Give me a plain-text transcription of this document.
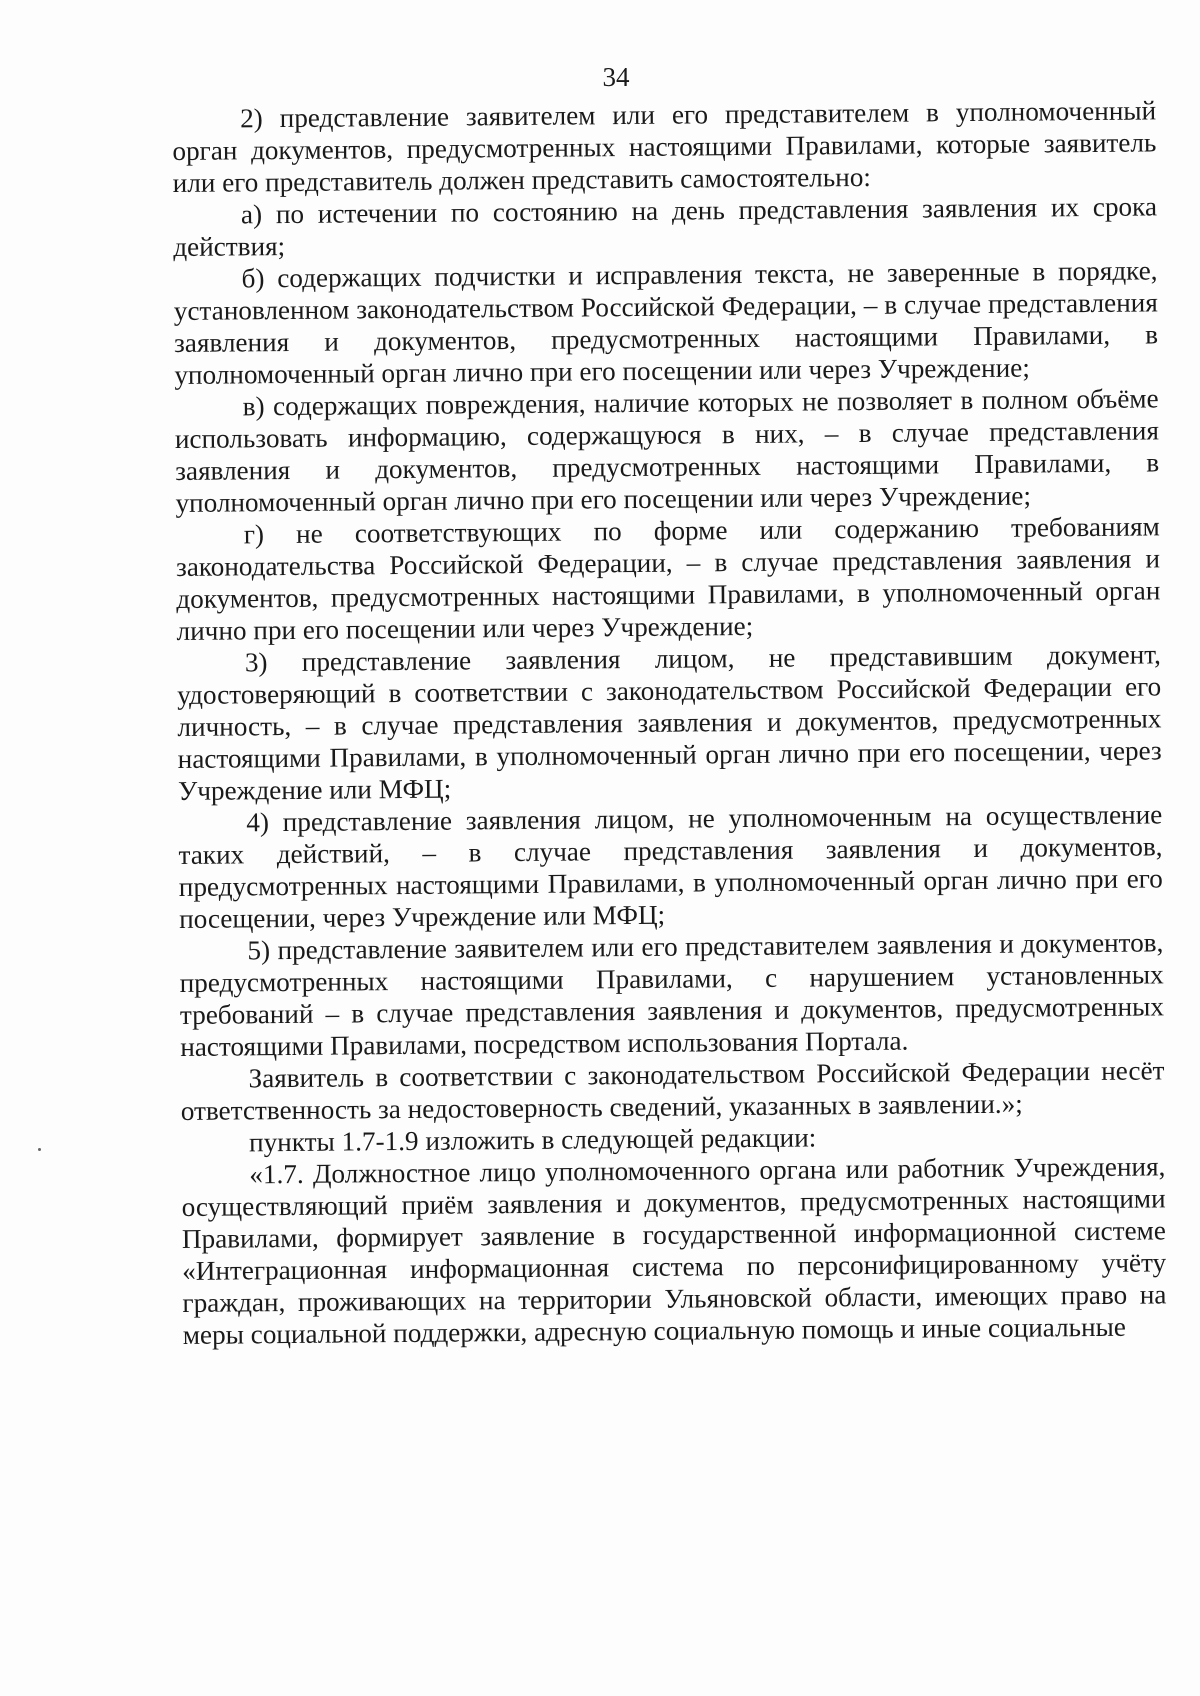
34

2) представление заявителем или его представителем в уполномоченный орган документов, предусмотренных настоящими Правилами, которые заявитель или его представитель должен представить самостоятельно:

а) по истечении по состоянию на день представления заявления их срока действия;

б) содержащих подчистки и исправления текста, не заверенные в порядке, установленном законодательством Российской Федерации, – в случае представления заявления и документов, предусмотренных настоящими Правилами, в уполномоченный орган лично при его посещении или через Учреждение;

в) содержащих повреждения, наличие которых не позволяет в полном объёме использовать информацию, содержащуюся в них, – в случае представления заявления и документов, предусмотренных настоящими Правилами, в уполномоченный орган лично при его посещении или через Учреждение;

г) не соответствующих по форме или содержанию требованиям законодательства Российской Федерации, – в случае представления заявления и документов, предусмотренных настоящими Правилами, в уполномоченный орган лично при его посещении или через Учреждение;

3) представление заявления лицом, не представившим документ, удостоверяющий в соответствии с законодательством Российской Федерации его личность, – в случае представления заявления и документов, предусмотренных настоящими Правилами, в уполномоченный орган лично при его посещении, через Учреждение или МФЦ;

4) представление заявления лицом, не уполномоченным на осуществление таких действий, – в случае представления заявления и документов, предусмотренных настоящими Правилами, в уполномоченный орган лично при его посещении, через Учреждение или МФЦ;

5) представление заявителем или его представителем заявления и документов, предусмотренных настоящими Правилами, с нарушением установленных требований – в случае представления заявления и документов, предусмотренных настоящими Правилами, посредством использования Портала.

Заявитель в соответствии с законодательством Российской Федерации несёт ответственность за недостоверность сведений, указанных в заявлении.»;

пункты 1.7-1.9 изложить в следующей редакции:

«1.7. Должностное лицо уполномоченного органа или работник Учреждения, осуществляющий приём заявления и документов, предусмотренных настоящими Правилами, формирует заявление в государственной информационной системе «Интеграционная информационная система по персонифицированному учёту граждан, проживающих на территории Ульяновской области, имеющих право на меры социальной поддержки, адресную социальную помощь и иные социальные
